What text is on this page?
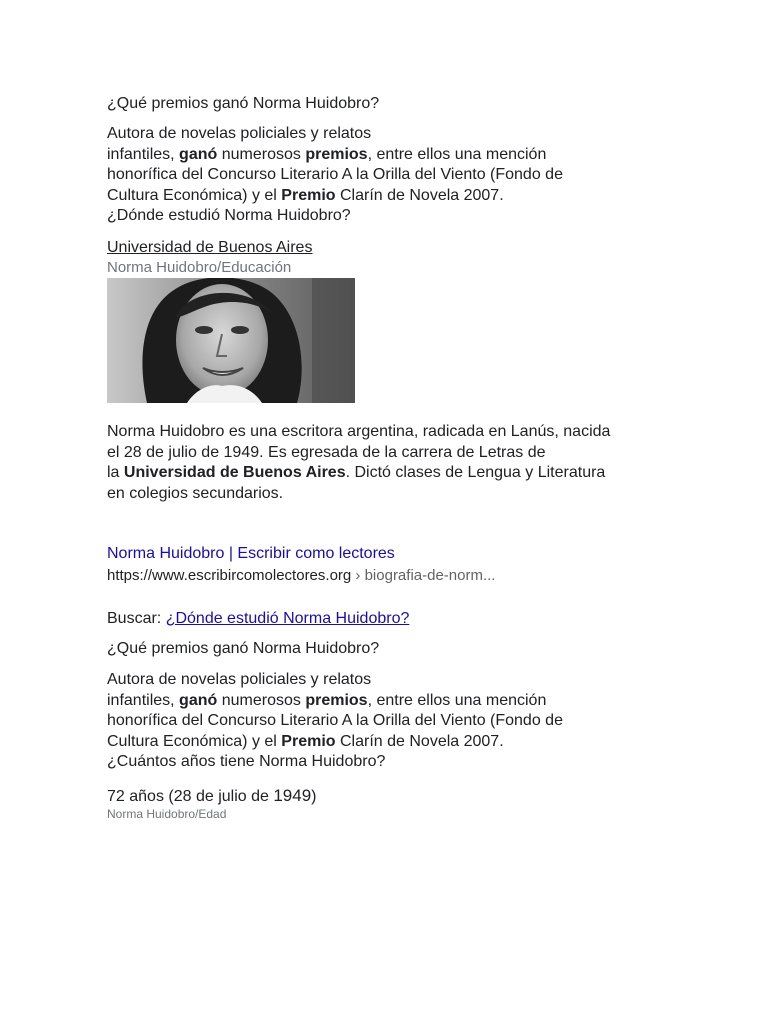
¿Qué premios ganó Norma Huidobro?
Autora de novelas policiales y relatos
infantiles, ganó numerosos premios, entre ellos una mención
honorífica del Concurso Literario A la Orilla del Viento (Fondo de
Cultura Económica) y el Premio Clarín de Novela 2007.
¿Dónde estudió Norma Huidobro?
Universidad de Buenos Aires
Norma Huidobro/Educación
Norma Huidobro es una escritora argentina, radicada en Lanús, nacida
el 28 de julio de 1949. Es egresada de la carrera de Letras de
la Universidad de Buenos Aires. Dictó clases de Lengua y Literatura
en colegios secundarios.
Norma Huidobro | Escribir como lectores
https://www.escribircomolectores.org › biografia-de-norm...
Buscar: ¿Dónde estudió Norma Huidobro?
¿Qué premios ganó Norma Huidobro?
Autora de novelas policiales y relatos
infantiles, ganó numerosos premios, entre ellos una mención
honorífica del Concurso Literario A la Orilla del Viento (Fondo de
Cultura Económica) y el Premio Clarín de Novela 2007.
¿Cuántos años tiene Norma Huidobro?
72 años (28 de julio de 1949)
Norma Huidobro/Edad
